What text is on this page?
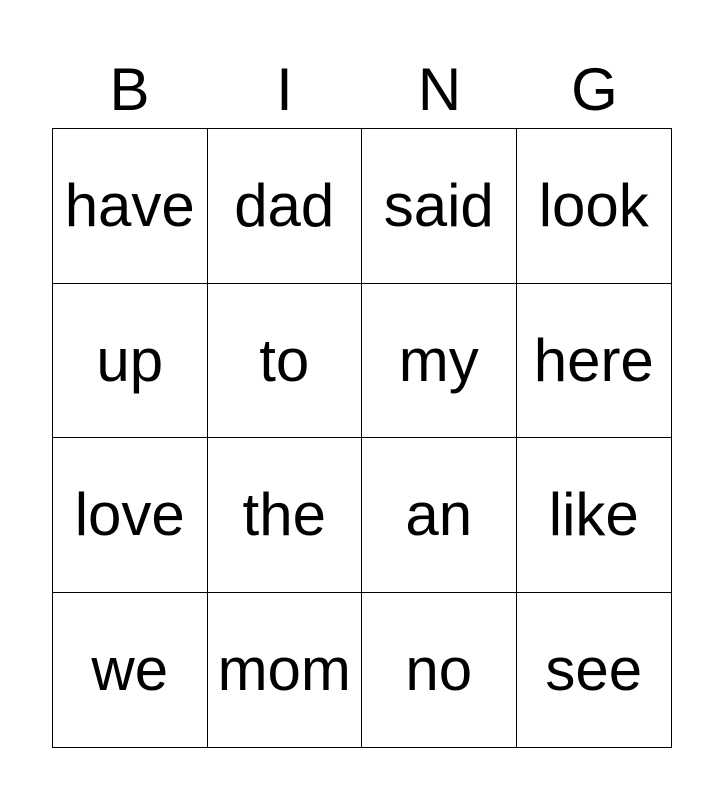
B	I	N	G
have dad said look
up	to	my here
love the	an	like
we mom no	see
